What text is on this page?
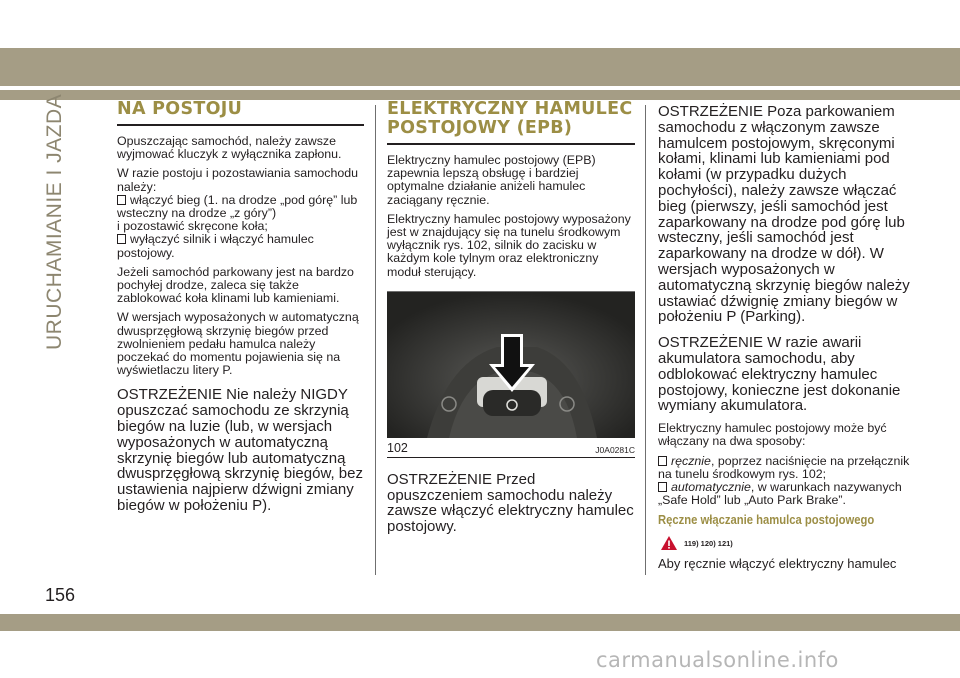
URUCHAMIANIE I JAZDA	NA POSTOJU

Opuszczając samochód, należy zawsze wyjmować kluczyk z wyłącznika zapłonu.

W razie postoju i pozostawiania samochodu należy:
włączyć bieg (1. na drodze „pod górę” lub wsteczny na drodze „z góry”)
i pozostawić skręcone koła;
wyłączyć silnik i włączyć hamulec postojowy.

Jeżeli samochód parkowany jest na bardzo pochyłej drodze, zaleca się także zablokować koła klinami lub kamieniami.

W wersjach wyposażonych w automatyczną dwusprzęgłową skrzynię biegów przed zwolnieniem pedału hamulca należy poczekać do momentu pojawienia się na wyświetlaczu litery P.

OSTRZEŻENIE Nie należy NIGDY opuszczać samochodu ze skrzynią biegów na luzie (lub, w wersjach wyposażonych w automatyczną skrzynię biegów lub automatyczną dwusprzęgłową skrzynię biegów, bez ustawienia najpierw dźwigni zmiany biegów w położeniu P).

ELEKTRYCZNY HAMULEC
POSTOJOWY (EPB)

Elektryczny hamulec postojowy (EPB) zapewnia lepszą obsługę i bardziej optymalne działanie aniżeli hamulec zaciągany ręcznie.

Elektryczny hamulec postojowy wyposażony jest w znajdujący się na tunelu środkowym wyłącznik rys. 102, silnik do zacisku w każdym kole tylnym oraz elektroniczny moduł sterujący.

102	J0A0281C

OSTRZEŻENIE Przed opuszczeniem samochodu należy zawsze włączyć elektryczny hamulec postojowy.

OSTRZEŻENIE Poza parkowaniem samochodu z włączonym zawsze hamulcem postojowym, skręconymi kołami, klinami lub kamieniami pod kołami (w przypadku dużych pochyłości), należy zawsze włączać bieg (pierwszy, jeśli samochód jest zaparkowany na drodze pod górę lub wsteczny, jeśli samochód jest zaparkowany na drodze w dół). W wersjach wyposażonych w automatyczną skrzynię biegów należy ustawiać dźwignię zmiany biegów w położeniu P (Parking).

OSTRZEŻENIE W razie awarii akumulatora samochodu, aby odblokować elektryczny hamulec postojowy, konieczne jest dokonanie wymiany akumulatora.

Elektryczny hamulec postojowy może być włączany na dwa sposoby:

ręcznie, poprzez naciśnięcie na przełącznik na tunelu środkowym rys. 102;
automatycznie, w warunkach nazywanych „Safe Hold” lub „Auto Park Brake”.

Ręczne włączanie hamulca postojowego
119) 120) 121)

Aby ręcznie włączyć elektryczny hamulec

156
carmanualsonline.info
